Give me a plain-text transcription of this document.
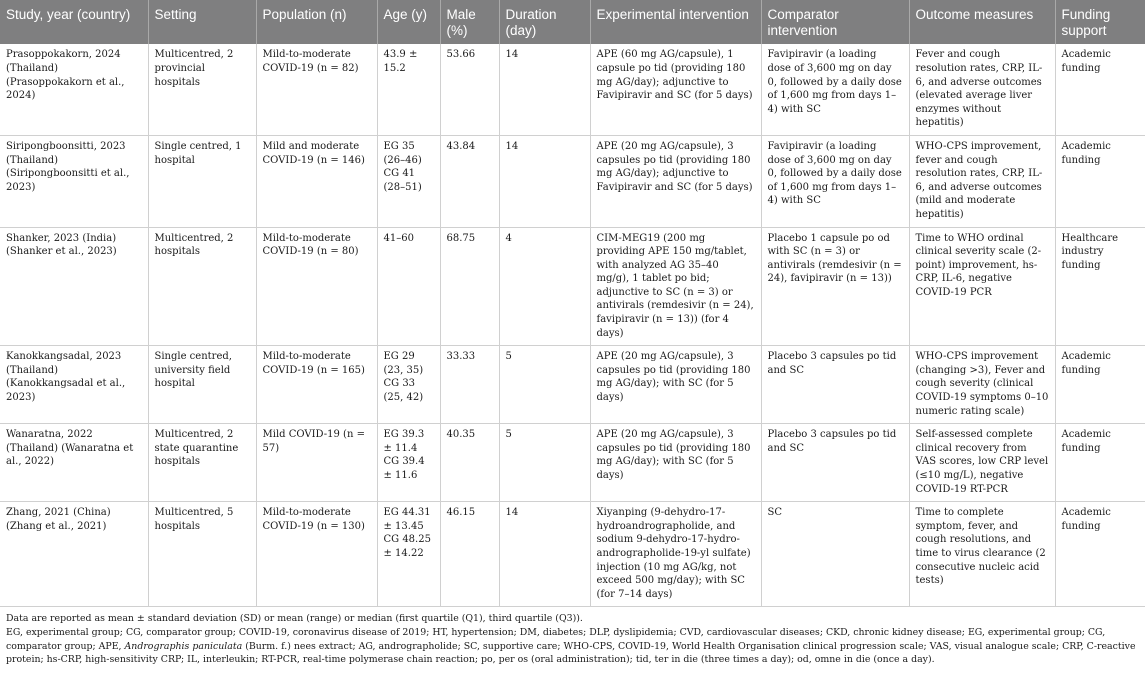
Study, year (country)	Setting	Population (n)	Age (y)	Male (%)	Duration (day)	Experimental intervention	Comparator intervention	Outcome measures	Funding support
Prasoppokakorn, 2024 (Thailand) (Prasoppokakorn et al., 2024)	Multicentred, 2 provincial hospitals	Mild-to-moderate COVID-19 (n = 82)	43.9 ± 15.2	53.66	14	APE (60 mg AG/capsule), 1 capsule po tid (providing 180 mg AG/day); adjunctive to Favipiravir and SC (for 5 days)	Favipiravir (a loading dose of 3,600 mg on day 0, followed by a daily dose of 1,600 mg from days 1–4) with SC	Fever and cough resolution rates, CRP, IL-6, and adverse outcomes (elevated average liver enzymes without hepatitis)	Academic funding
Siripongboonsitti, 2023 (Thailand) (Siripongboonsitti et al., 2023)	Single centred, 1 hospital	Mild and moderate COVID-19 (n = 146)	EG 35 (26–46) CG 41 (28–51)	43.84	14	APE (20 mg AG/capsule), 3 capsules po tid (providing 180 mg AG/day); adjunctive to Favipiravir and SC (for 5 days)	Favipiravir (a loading dose of 3,600 mg on day 0, followed by a daily dose of 1,600 mg from days 1–4) with SC	WHO-CPS improvement, fever and cough resolution rates, CRP, IL-6, and adverse outcomes (mild and moderate hepatitis)	Academic funding
Shanker, 2023 (India) (Shanker et al., 2023)	Multicentred, 2 hospitals	Mild-to-moderate COVID-19 (n = 80)	41–60	68.75	4	CIM-MEG19 (200 mg providing APE 150 mg/tablet, with analyzed AG 35–40 mg/g), 1 tablet po bid; adjunctive to SC (n = 3) or antivirals (remdesivir (n = 24), favipiravir (n = 13)) (for 4 days)	Placebo 1 capsule po od with SC (n = 3) or antivirals (remdesivir (n = 24), favipiravir (n = 13))	Time to WHO ordinal clinical severity scale (2-point) improvement, hs-CRP, IL-6, negative COVID-19 PCR	Healthcare industry funding
Kanokkangsadal, 2023 (Thailand) (Kanokkangsadal et al., 2023)	Single centred, university field hospital	Mild-to-moderate COVID-19 (n = 165)	EG 29 (23, 35) CG 33 (25, 42)	33.33	5	APE (20 mg AG/capsule), 3 capsules po tid (providing 180 mg AG/day); with SC (for 5 days)	Placebo 3 capsules po tid and SC	WHO-CPS improvement (changing >3), Fever and cough severity (clinical COVID-19 symptoms 0–10 numeric rating scale)	Academic funding
Wanaratna, 2022 (Thailand) (Wanaratna et al., 2022)	Multicentred, 2 state quarantine hospitals	Mild COVID-19 (n = 57)	EG 39.3 ± 11.4 CG 39.4 ± 11.6	40.35	5	APE (20 mg AG/capsule), 3 capsules po tid (providing 180 mg AG/day); with SC (for 5 days)	Placebo 3 capsules po tid and SC	Self-assessed complete clinical recovery from VAS scores, low CRP level (≤10 mg/L), negative COVID-19 RT-PCR	Academic funding
Zhang, 2021 (China) (Zhang et al., 2021)	Multicentred, 5 hospitals	Mild-to-moderate COVID-19 (n = 130)	EG 44.31 ± 13.45 CG 48.25 ± 14.22	46.15	14	Xiyanping (9-dehydro-17-hydroandrographolide, and sodium 9-dehydro-17-hydro-andrographolide-19-yl sulfate) injection (10 mg AG/kg, not exceed 500 mg/day); with SC (for 7–14 days)	SC	Time to complete symptom, fever, and cough resolutions, and time to virus clearance (2 consecutive nucleic acid tests)	Academic funding

Data are reported as mean ± standard deviation (SD) or mean (range) or median (first quartile (Q1), third quartile (Q3)).

EG, experimental group; CG, comparator group; COVID-19, coronavirus disease of 2019; HT, hypertension; DM, diabetes; DLP, dyslipidemia; CVD, cardiovascular diseases; CKD, chronic kidney disease; EG, experimental group; CG, comparator group; APE, Andrographis paniculata (Burm. f.) nees extract; AG, andrographolide; SC, supportive care; WHO-CPS, COVID-19, World Health Organisation clinical progression scale; VAS, visual analogue scale; CRP, C-reactive protein; hs-CRP, high-sensitivity CRP; IL, interleukin; RT-PCR, real-time polymerase chain reaction; po, per os (oral administration); tid, ter in die (three times a day); od, omne in die (once a day).
